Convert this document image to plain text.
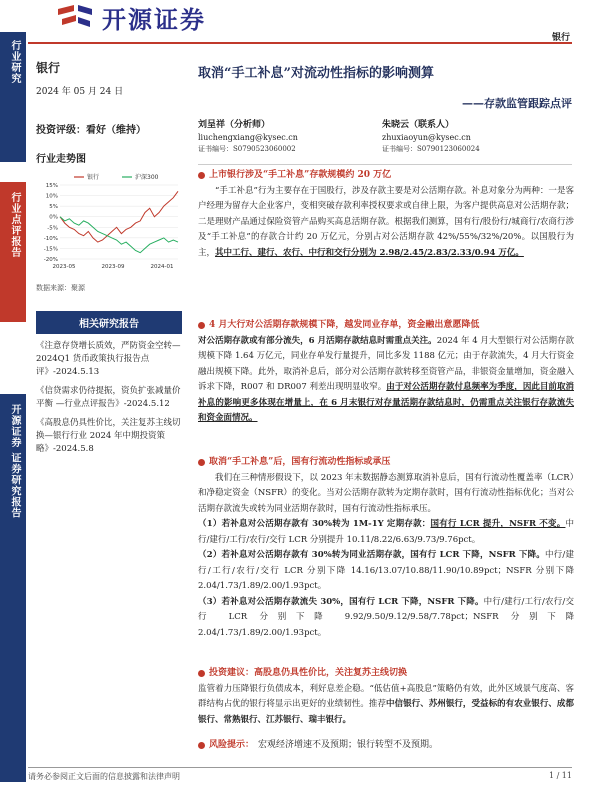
开源证券
银行
行业研究
行业点评报告
开源证券 证券研究报告
银行
2024 年 05 月 24 日
投资评级：看好（维持）
行业走势图
-20%
-15%
-10%
-5%
0%
5%
10%
15%
2023-05	2023-09	2024-01
银行	沪深300
数据来源：聚源
相关研究报告
《注意存贷增长质效，严防资金空转—2024Q1 货币政策执行报告点评》-2024.5.13
《信贷需求仍待提振，资负扩张减量价平衡 —行业点评报告》-2024.5.12
《高股息仍具性价比，关注复苏主线切换—银行行业 2024 年中期投资策略》-2024.5.8
取消“手工补息”对流动性指标的影响测算
——存款监管跟踪点评
刘呈祥（分析师）
liuchengxiang@kysec.cn
证书编号：S0790523060002
朱晓云（联系人）
zhuxiaoyun@kysec.cn
证书编号：S0790123060024
上市银行涉及“手工补息”存款规模约 20 万亿
“手工补息”行为主要存在于国股行，涉及存款主要是对公活期存款。补息对象分为两种：一是客户经理为留存大企业客户，变相突破存款利率授权要求或自律上限，为客户提供高息对公活期存款；二是理财产品通过保险资管产品购买高息活期存款。根据我们测算，国有行/股份行/城商行/农商行涉及“手工补息”的存款合计约 20 万亿元，分别占对公活期存款 42%/55%/32%/20%。以国股行为主，其中工行、建行、农行、中行和交行分别为 2.98/2.45/2.83/2.33/0.94 万亿。
4 月大行对公活期存款规模下降，越发同业存单，资金融出意愿降低
对公活期存款或有部分流失，6 月活期存款结息时需重点关注。2024 年 4 月大型银行对公活期存款规模下降 1.64 万亿元，同业存单发行量提升，同比多发 1188 亿元；由于存款流失，4 月大行资金融出规模下降。此外，取消补息后，部分对公活期存款转移至资管产品，非银资金量增加，资金融入诉求下降，R007 和 DR007 利差出现明显收窄。由于对公活期存款付息频率为季度，因此目前取消补息的影响更多体现在增量上，在 6 月末银行对存量活期存款结息时，仍需重点关注银行存款流失和资金面情况。
取消“手工补息”后，国有行流动性指标或承压
我们在三种情形假设下，以 2023 年末数据静态测算取消补息后，国有行流动性覆盖率（LCR）和净稳定资金（NSFR）的变化。当对公活期存款转为定期存款时，国有行流动性指标优化；当对公活期存款流失或转为同业活期存款时，国有行流动性指标承压。
（1）若补息对公活期存款有 30%转为 1M-1Y 定期存款：国有行 LCR 提升，NSFR 不变。中行/建行/工行/农行/交行 LCR 分别提升 10.11/8.22/6.63/9.73/9.76pct。
（2）若补息对公活期存款有 30%转为同业活期存款，国有行 LCR 下降，NSFR 下降。中行/建行/工行/农行/交行 LCR 分别下降 14.16/13.07/10.88/11.90/10.89pct；NSFR 分别下降 2.04/1.73/1.89/2.00/1.93pct。
（3）若补息对公活期存款流失 30%，国有行 LCR 下降，NSFR 下降。中行/建行/工行/农行/交行 LCR 分别下降 9.92/9.50/9.12/9.58/7.78pct；NSFR 分别下降 2.04/1.73/1.89/2.00/1.93pct。
投资建议：高股息仍具性价比，关注复苏主线切换
监管着力压降银行负债成本，利好息差企稳。“低估值+高股息”策略仍有效，此外区域景气度高、客群结构占优的银行将显示出更好的业绩韧性。推荐中信银行、苏州银行，受益标的有农业银行、成都银行、常熟银行、江苏银行、瑞丰银行。
风险提示： 宏观经济增速不及预期；银行转型不及预期。
请务必参阅正文后面的信息披露和法律声明	1 / 11
